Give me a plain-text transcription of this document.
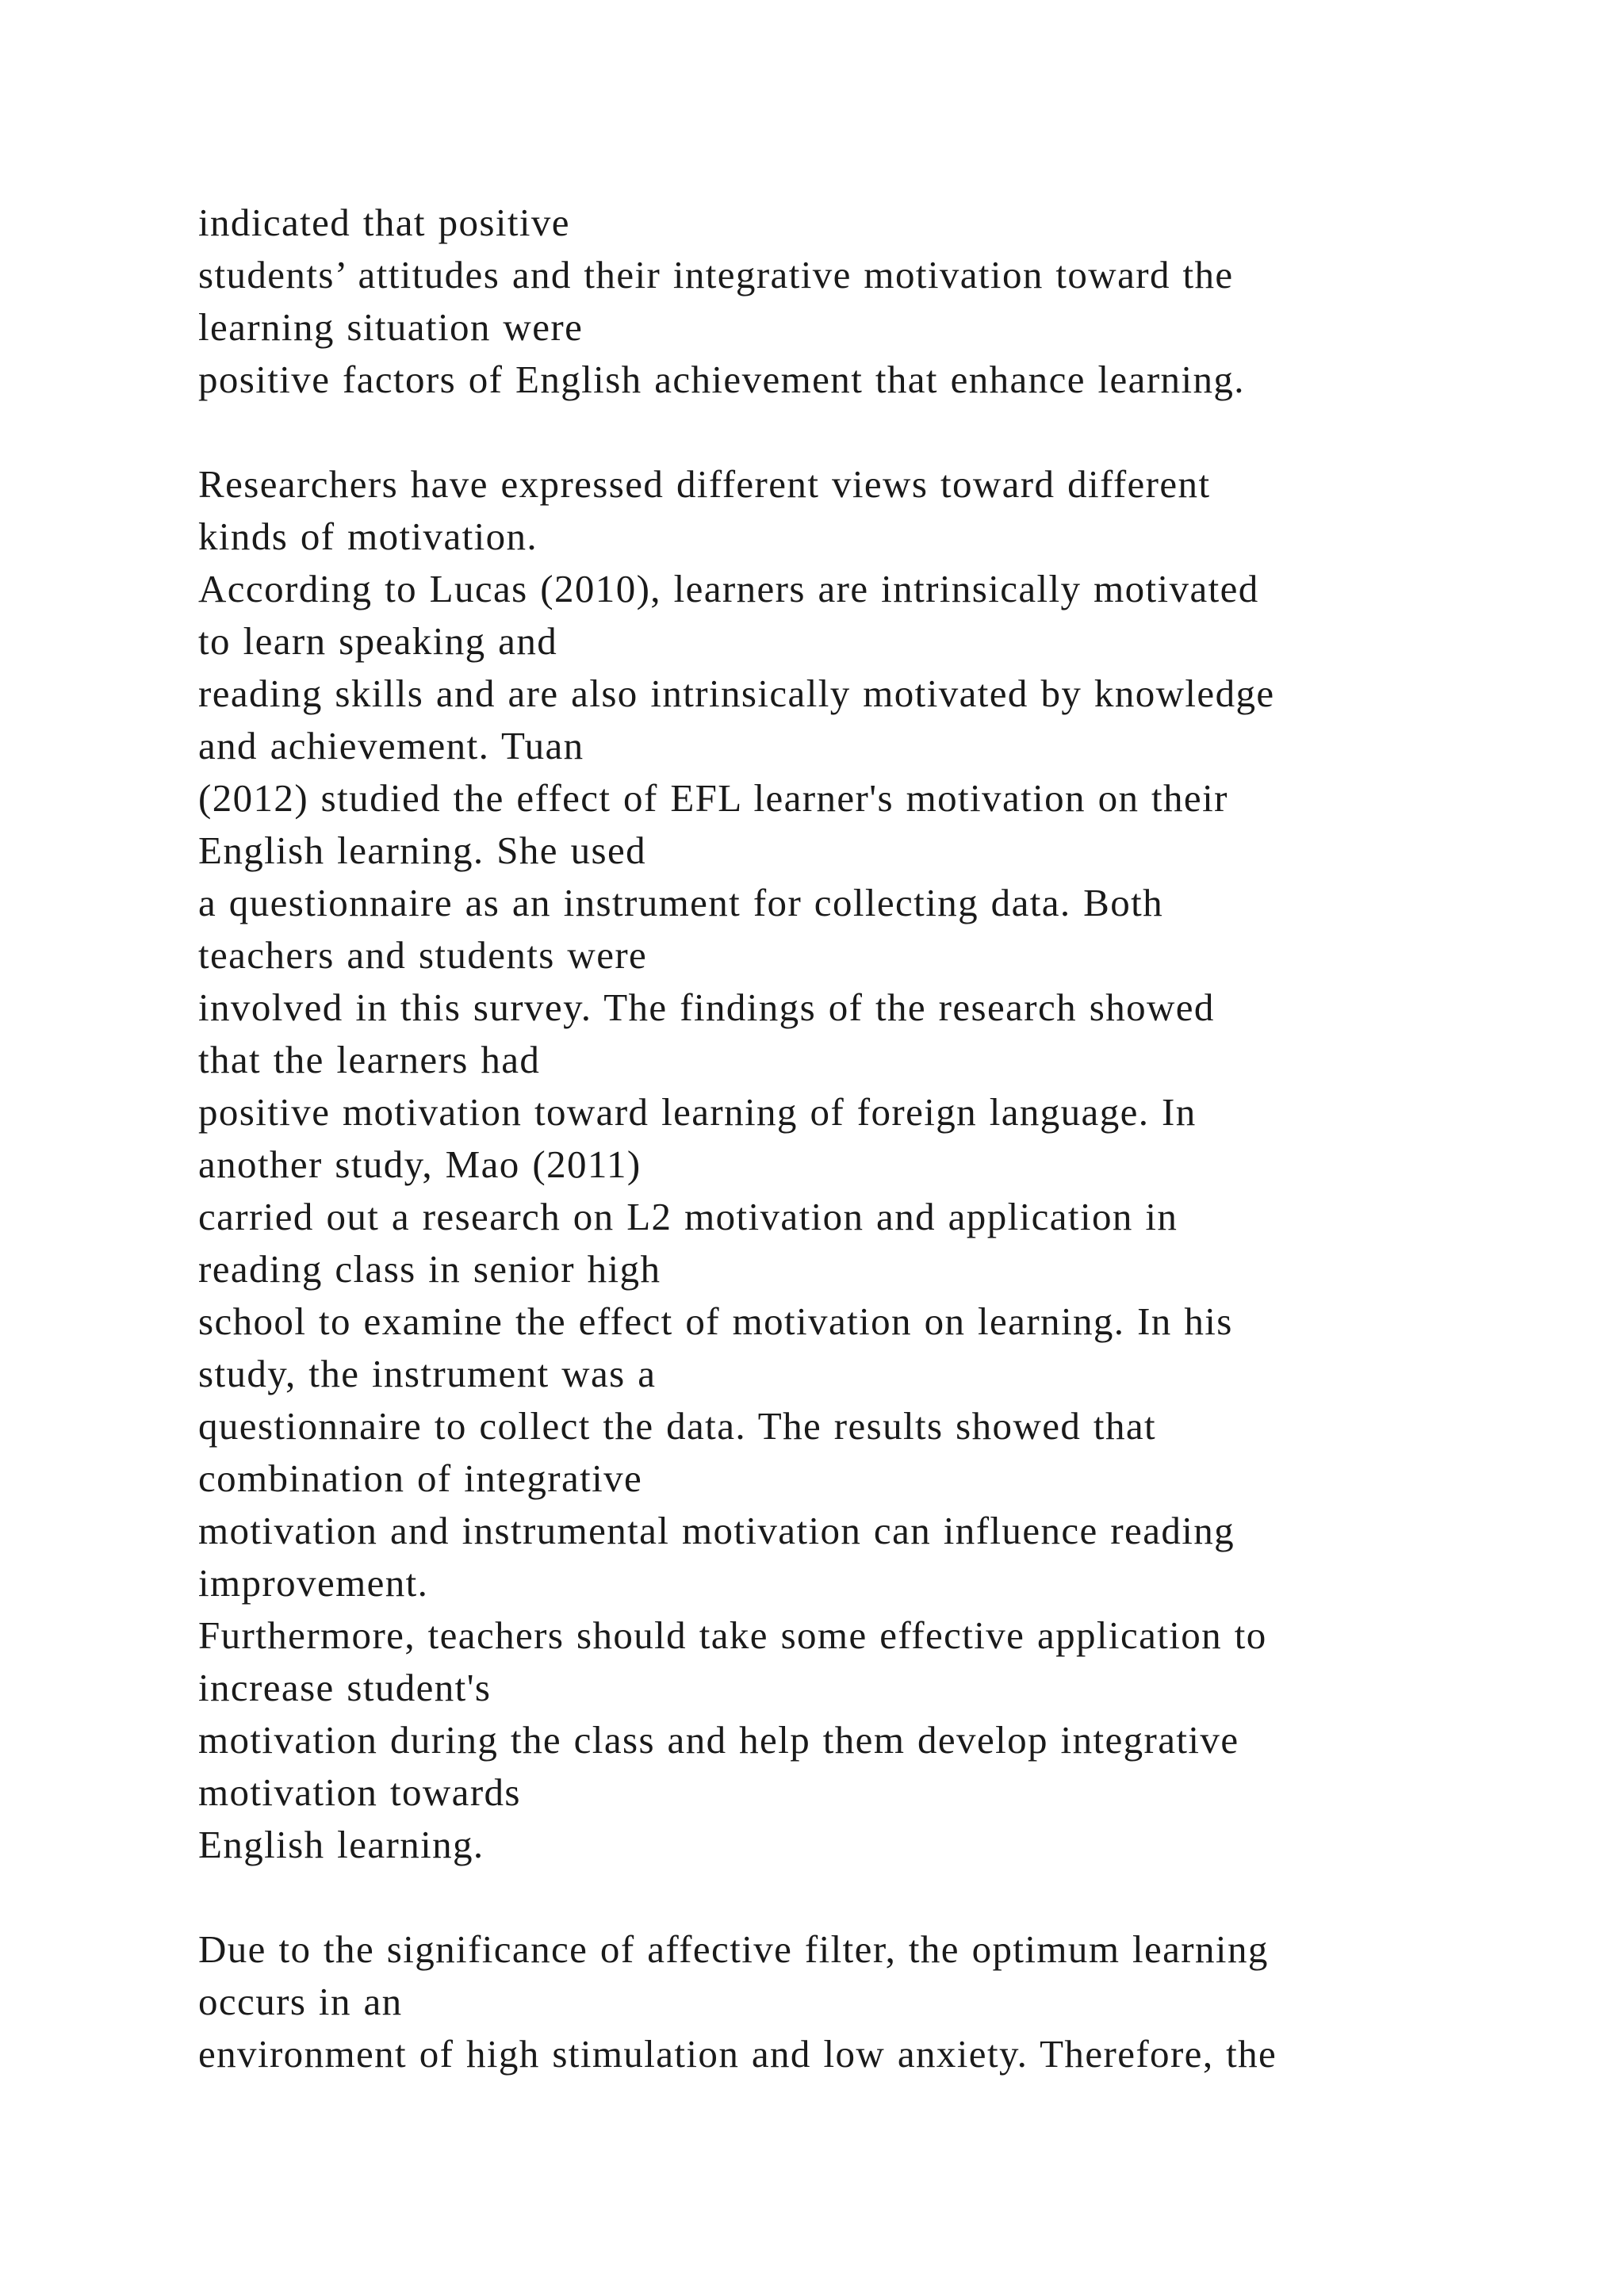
indicated that positive
students’ attitudes and their integrative motivation toward the
learning situation were
positive factors of English achievement that enhance learning.
Researchers have expressed different views toward different
kinds of motivation.
According to Lucas (2010), learners are intrinsically motivated
to learn speaking and
reading skills and are also intrinsically motivated by knowledge
and achievement. Tuan
(2012) studied the effect of EFL learner's motivation on their
English learning. She used
a questionnaire as an instrument for collecting data. Both
teachers and students were
involved in this survey. The findings of the research showed
that the learners had
positive motivation toward learning of foreign language. In
another study, Mao (2011)
carried out a research on L2 motivation and application in
reading class in senior high
school to examine the effect of motivation on learning. In his
study, the instrument was a
questionnaire to collect the data. The results showed that
combination of integrative
motivation and instrumental motivation can influence reading
improvement.
Furthermore, teachers should take some effective application to
increase student's
motivation during the class and help them develop integrative
motivation towards
English learning.
Due to the significance of affective filter, the optimum learning
occurs in an
environment of high stimulation and low anxiety. Therefore, the
